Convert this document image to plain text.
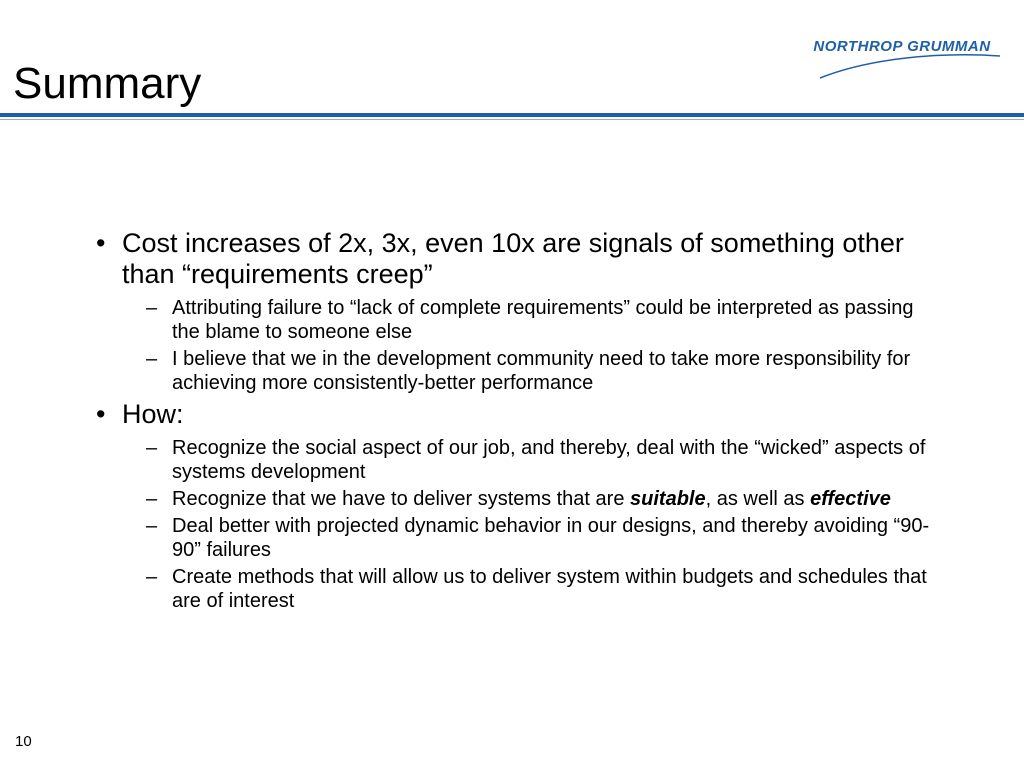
Summary
NORTHROP GRUMMAN
• Cost increases of 2x, 3x, even 10x are signals of something other than “requirements creep”
– Attributing failure to “lack of complete requirements” could be interpreted as passing the blame to someone else
– I believe that we in the development community need to take more responsibility for achieving more consistently-better performance
• How:
– Recognize the social aspect of our job, and thereby, deal with the “wicked” aspects of systems development
– Recognize that we have to deliver systems that are suitable, as well as effective
– Deal better with projected dynamic behavior in our designs, and thereby avoiding “90-90” failures
– Create methods that will allow us to deliver system within budgets and schedules that are of interest
10
